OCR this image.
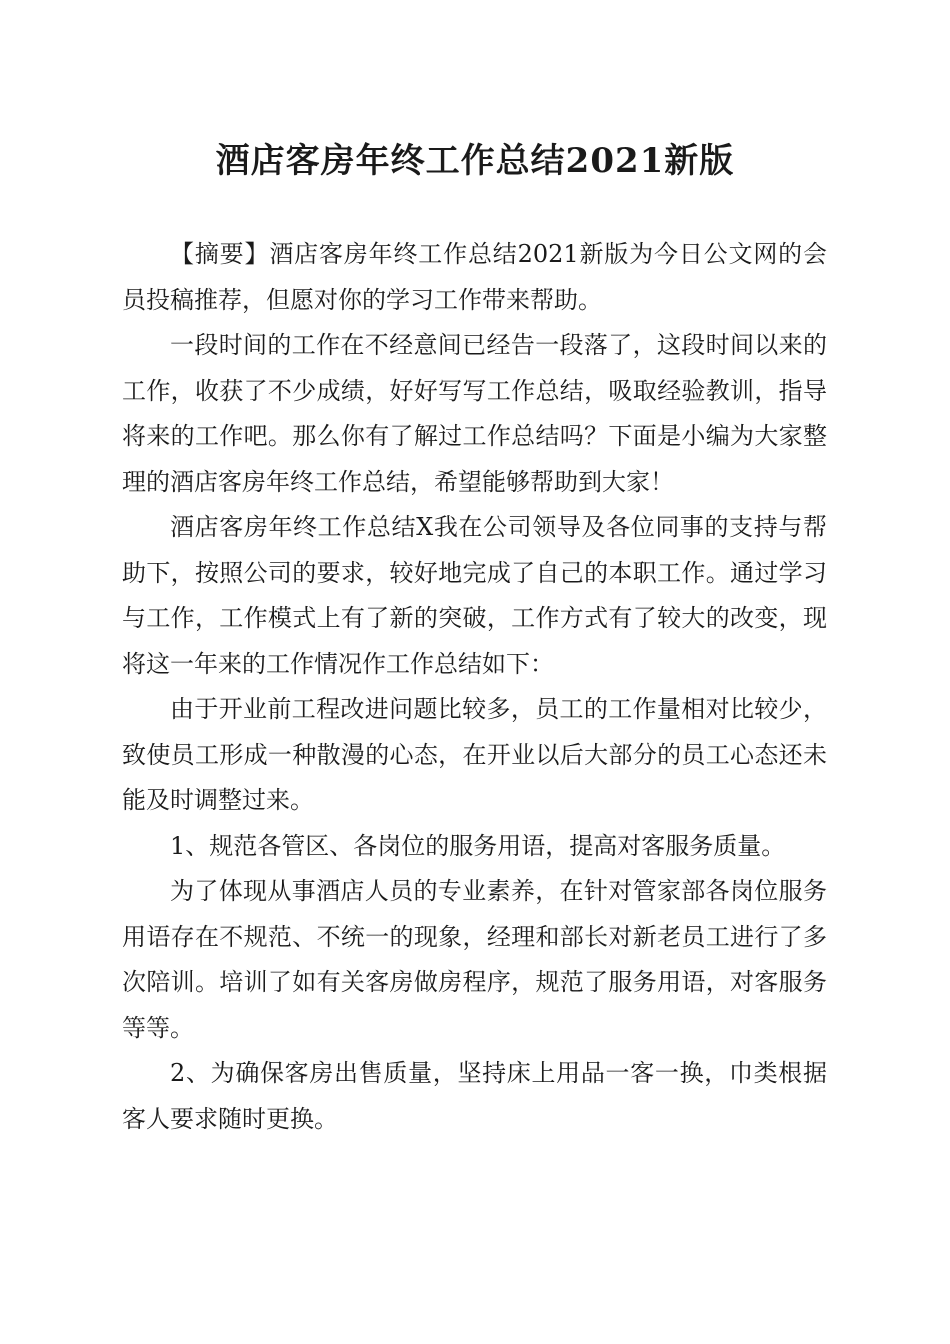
酒店客房年终工作总结2021新版

【摘要】酒店客房年终工作总结2021新版为今日公文网的会员投稿推荐，但愿对你的学习工作带来帮助。

一段时间的工作在不经意间已经告一段落了，这段时间以来的工作，收获了不少成绩，好好写写工作总结，吸取经验教训，指导将来的工作吧。那么你有了解过工作总结吗？下面是小编为大家整理的酒店客房年终工作总结，希望能够帮助到大家！

酒店客房年终工作总结X我在公司领导及各位同事的支持与帮助下，按照公司的要求，较好地完成了自己的本职工作。通过学习与工作，工作模式上有了新的突破，工作方式有了较大的改变，现将这一年来的工作情况作工作总结如下：

由于开业前工程改进问题比较多，员工的工作量相对比较少，致使员工形成一种散漫的心态，在开业以后大部分的员工心态还未能及时调整过来。

1、规范各管区、各岗位的服务用语，提高对客服务质量。

为了体现从事酒店人员的专业素养，在针对管家部各岗位服务用语存在不规范、不统一的现象，经理和部长对新老员工进行了多次陪训。培训了如有关客房做房程序，规范了服务用语，对客服务等等。

2、为确保客房出售质量，坚持床上用品一客一换，巾类根据客人要求随时更换。
